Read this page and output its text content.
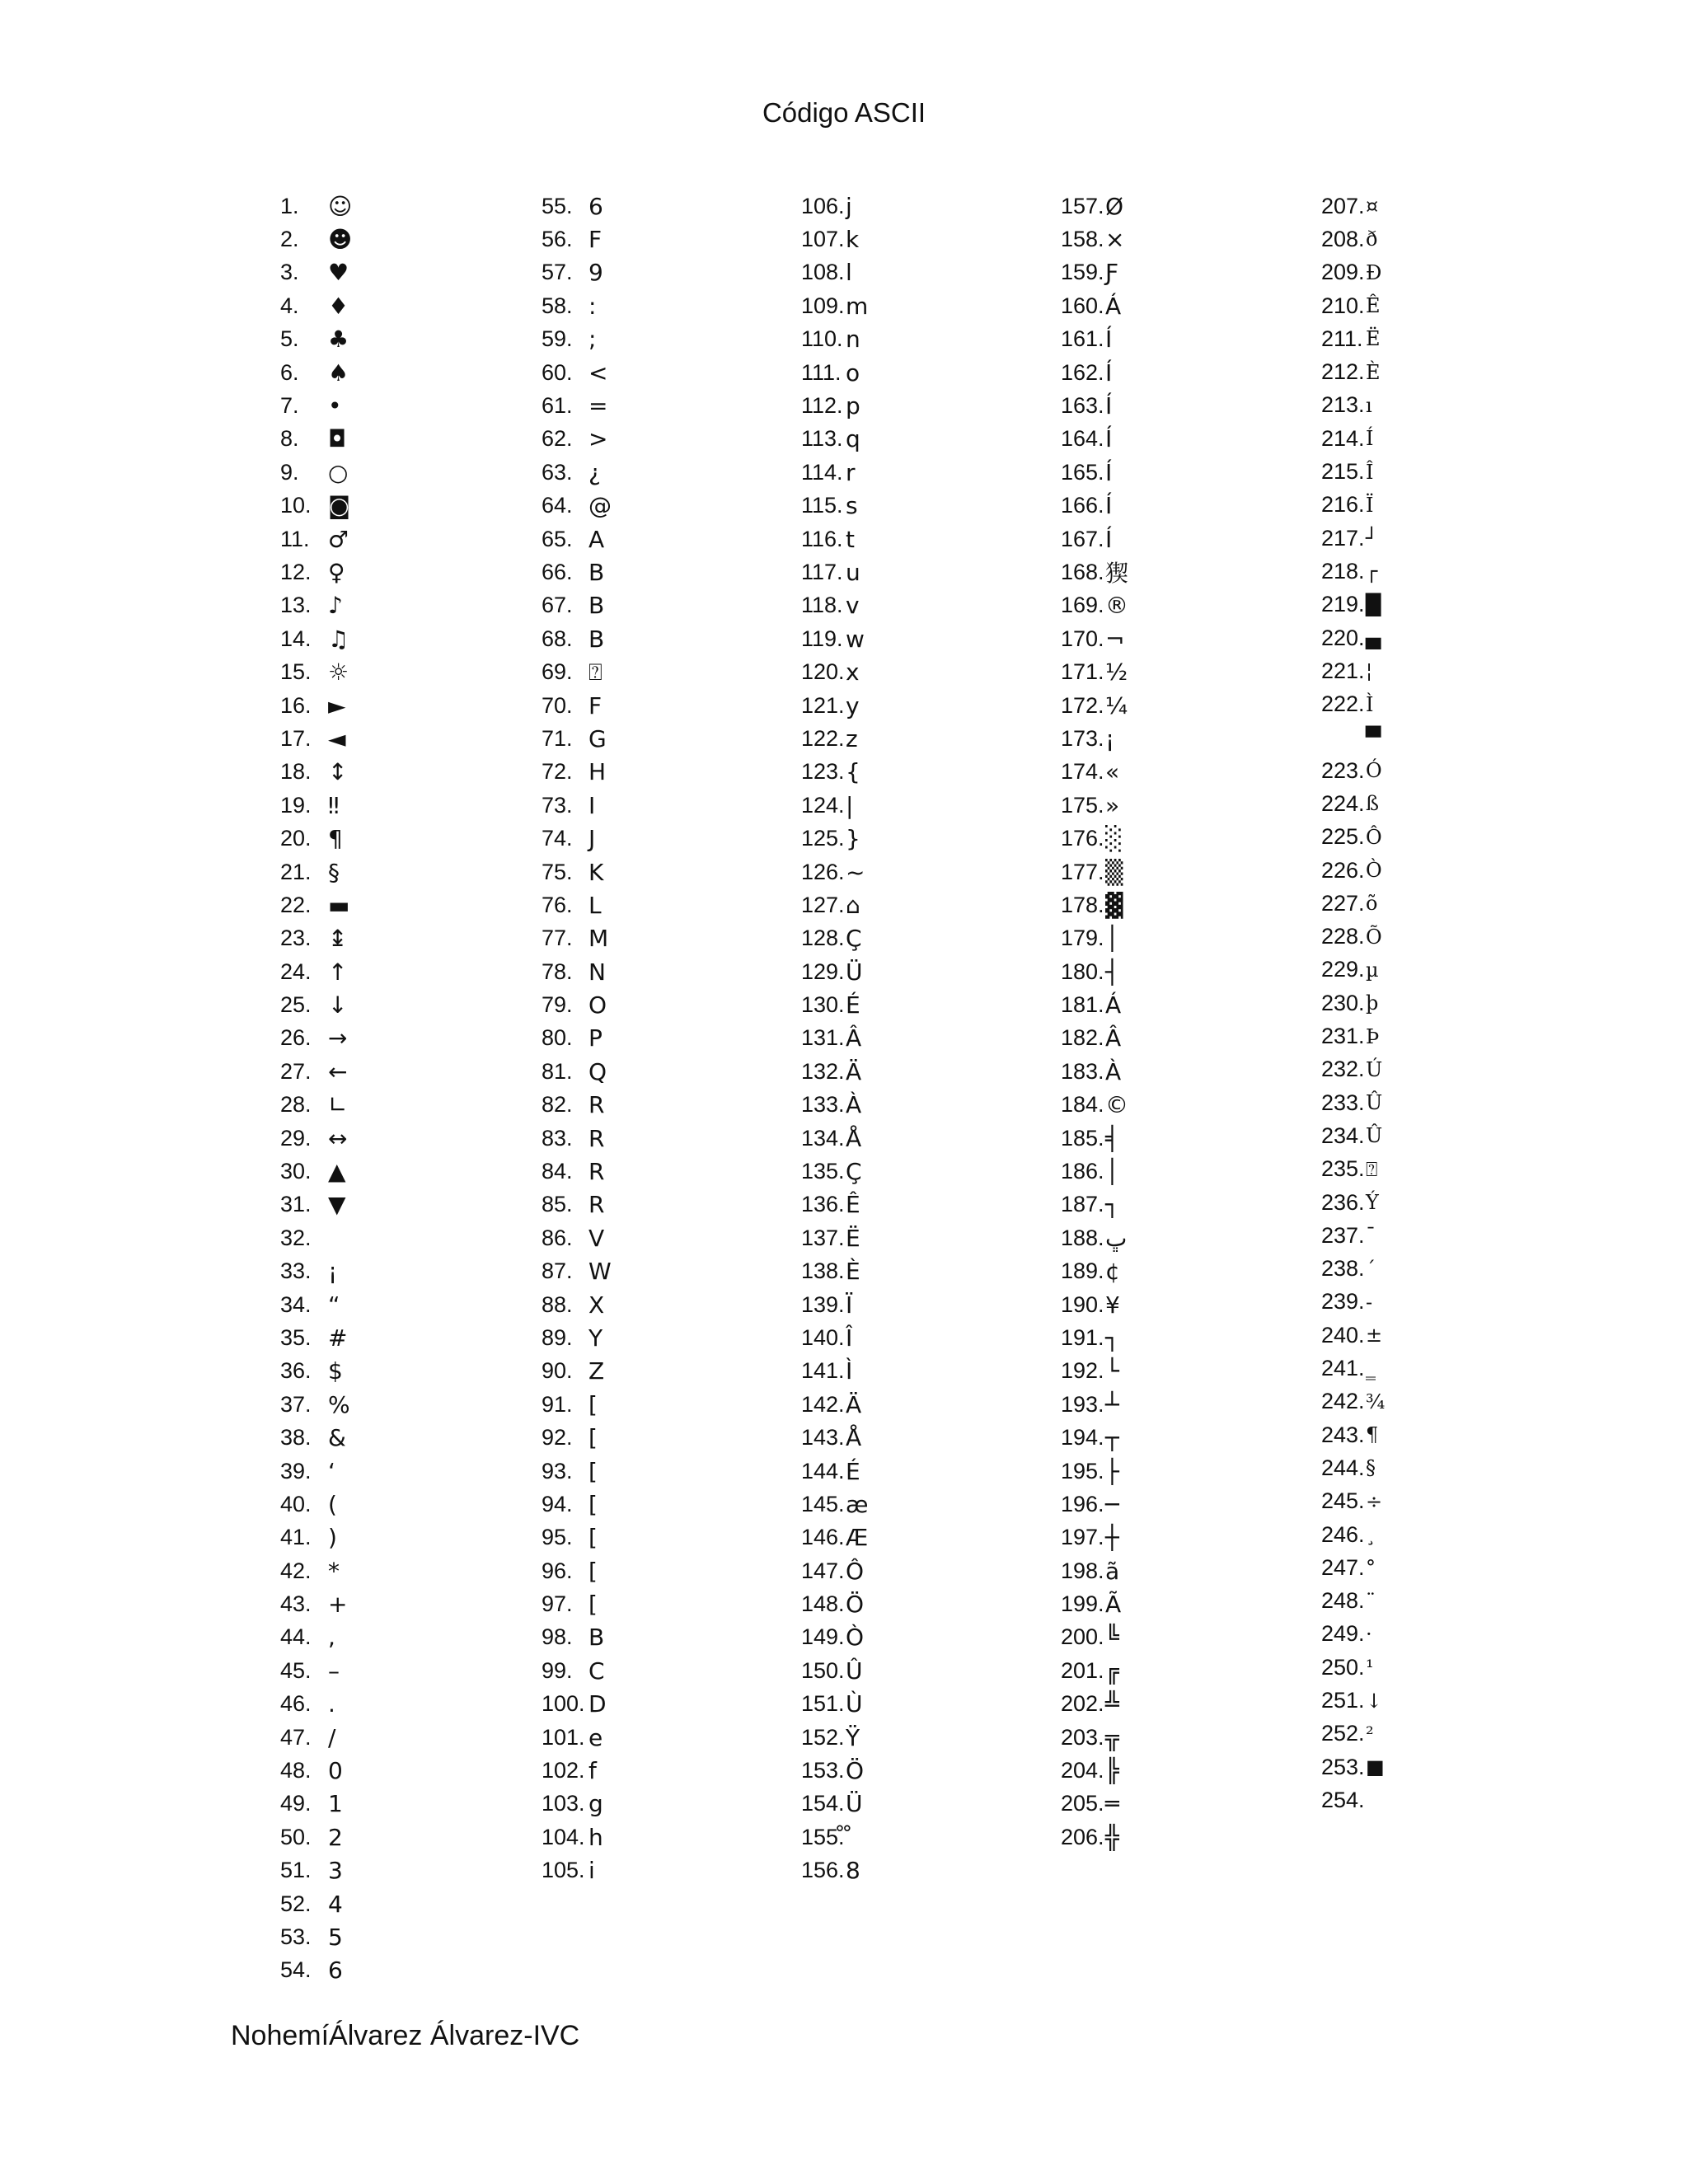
Código ASCII
1.	☺
2.	☻
3.	♥
4.	♦
5.	♣
6.	♠
7.	•
8.	◘
9.	○
10. ◙
11. ♂
12. ♀
13. ♪
14. ♫
15. ☼
16. ►
17. ◄
18. ↕
19. ‼
20. ¶
21. §
22. ▬
23. ↨
24. ↑
25. ↓
26. →
27. ←
28. ∟
29. ↔
30. ▲
31. ▼
32.
33. ¡
34. “
35. #
36. $
37. %
38. &
39. ‘
40. (
41. )
42. *
43. +
44. ,
45. –
46. .
47. /
48. 0
49. 1
50. 2
51. 3
52. 4
53. 5
54. 6
55. 6
56. F
57. 9
58. :
59. ;
60. <
61. =
62. >
63. ¿
64. @
65. A
66. B
67. B
68. B
69. ⍰
70. F
71. G
72. H
73. I
74. J
75. K
76. L
77. M
78. N
79. O
80. P
81. Q
82. R
83. R
84. R
85. R
86. V
87. W
88. X
89. Y
90. Z
91. [
92. [
93. [
94. [
95. [
96. [
97. [
98. B
99. C
100. D
101. e
102. f
103. g
104. h
105. i
106. j
107. k
108. l
109. m
110. n
111. o
112. p
113. q
114. r
115. s
116. t
117. u
118. v
119. w
120. x
121. y
122. z
123. {
124. |
125. }
126. ~
127. ⌂
128. Ç
129. Ü
130. É
131. Â
132. Ä
133. À
134. Å
135. Ç
136. Ê
137. Ë
138. È
139. Ï
140. Î
141. Ì
142. Ä
143. Å
144. É
145. æ
146. Æ
147. Ô
148. Ö
149. Ò
150. Û
151. Ù
152. Ÿ
153. Ö
154. Ü
155. ̊ ̊
156. 8
157. Ø
158. ×
159. Ƒ
160. Á
161. Í
162. Í
163. Í
164. Í
165. Í
166. Í
167. Í
168. 猰
169. ®
170. ¬
171. ½
172. ¼
173. ¡
174. «
175. »
176. ░
177. ▒
178. ▓
179. │
180. ┤
181. Á
182. Â
183. À
184. ©
185. ╡
186. │
187. ┐
188. ڀ
189. ¢
190. ¥
191. ┐
192. └
193. ┴
194. ┬
195. ├
196. ─
197. ┼
198. ã
199. Ã
200. ╚
201. ╔
202. ╩
203. ╦
204. ╠
205. ═
206. ╬
207. ¤
208. ð
209. Ð
210. Ê
211. Ë
212. È
213. ı
214. Í
215. Î
216. Ï
217. ┘
218. ┌
219. █
220. ▄
221. ¦
222. Ì
▀
223. Ó
224. ß
225. Ô
226. Ò
227. õ
228. Õ
229. µ
230. þ
231. Þ
232. Ú
233. Û
234. Û
235. ⍰
236. Ý
237. ¯
238. ´
239. -
240. ±
241. ‗
242. ¾
243. ¶
244. §
245. ÷
246. ¸
247. °
248. ¨
249. ·
250. ¹
251. ↓
252. ²
253. ■
254.
NohemíÁlvarez Álvarez-IVC
